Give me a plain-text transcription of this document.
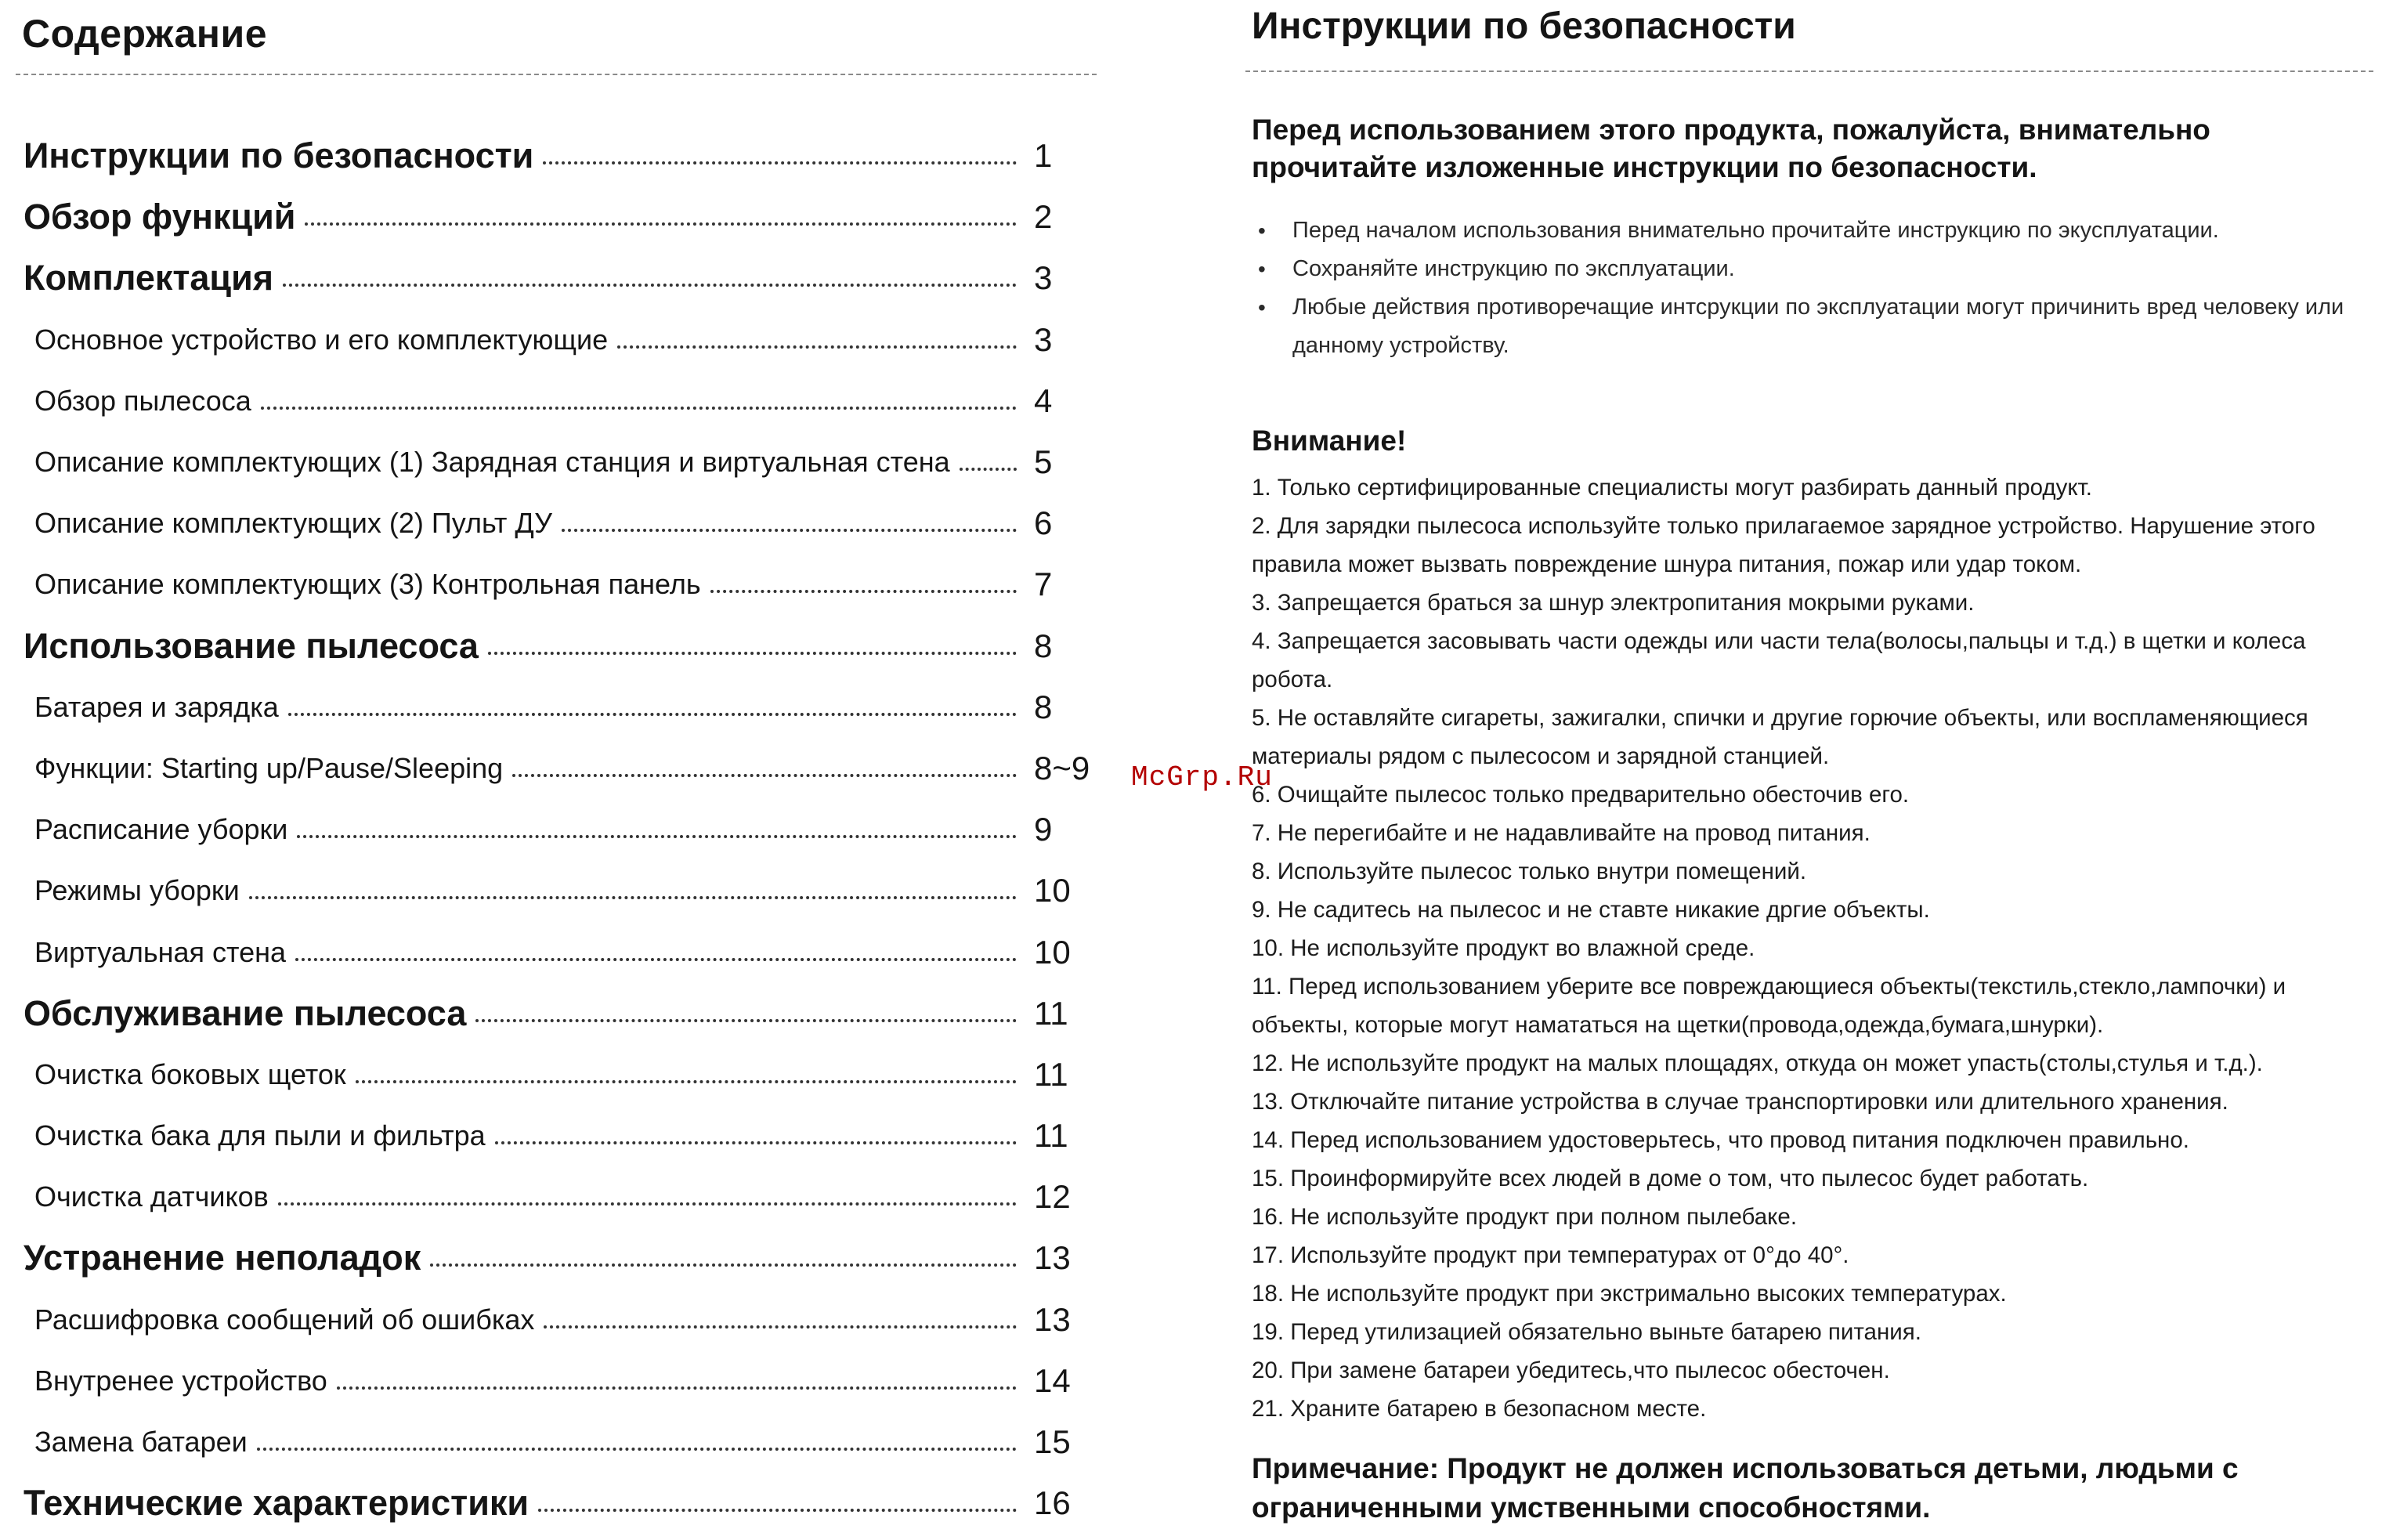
Содержание
Инструкции по безопасности	1
Обзор функций	2
Комплектация	3
Основное устройство и его комплектующие	3
Обзор пылесоса	4
Описание комплектующих (1) Зарядная станция и виртуальная стена	5
Описание комплектующих (2) Пульт ДУ	6
Описание комплектующих (3) Контрольная панель	7
Использование пылесоса	8
Батарея и зарядка	8
Функции: Starting up/Pause/Sleeping	8~9
Расписание уборки	9
Режимы уборки	10
Виртуальная стена	10
Обслуживание пылесоса	11
Очистка боковых щеток	11
Очистка бака для пыли и фильтра	11
Очистка датчиков	12
Устранение неполадок	13
Расшифровка сообщений об ошибках	13
Внутренее устройство	14
Замена батареи	15
Технические характеристики	16
Инструкции по безопасности
Перед использованием этого продукта, пожалуйста, внимательно прочитайте изложенные инструкции по безопасности.
• Перед началом использования внимательно прочитайте инструкцию по экусплуатации.
• Сохраняйте инструкцию по эксплуатации.
• Любые действия противоречащие интсрукции по эксплуатации могут причинить вред человеку или данному устройству.
Внимание!
1. Только сертифицированные специалисты могут разбирать данный продукт.
2. Для зарядки пылесоса используйте только прилагаемое зарядное устройство. Нарушение этого правила может вызвать повреждение шнура питания, пожар или удар током.
3. Запрещается браться за шнур электропитания мокрыми руками.
4. Запрещается засовывать части одежды или части тела(волосы,пальцы и т.д.) в щетки и колеса робота.
5. Не оставляйте сигареты, зажигалки, спички и другие горючие объекты, или воспламеняющиеся материалы рядом с пылесосом и зарядной станцией.
6. Очищайте пылесос только предварительно обесточив его.
7. Не перегибайте и не надавливайте на провод питания.
8. Используйте пылесос только внутри помещений.
9. Не садитесь на пылесос и не ставте никакие дргие объекты.
10. Не используйте продукт во влажной среде.
11. Перед использованием уберите все повреждающиеся объекты(текстиль,стекло,лампочки) и объекты, которые могут намататься на щетки(провода,одежда,бумага,шнурки).
12. Не используйте продукт на малых площадях, откуда он может упасть(столы,стулья и т.д.).
13. Отключайте питание устройства в случае транспортировки или длительного хранения.
14. Перед использованием удостоверьтесь, что провод питания подключен правильно.
15. Проинформируйте всех людей в доме о том, что пылесос будет работать.
16. Не используйте продукт при полном пылебаке.
17. Используйте продукт при температурах от 0°до 40°.
18. Не используйте продукт при экстримально высоких температурах.
19. Перед утилизацией обязательно выньте батарею питания.
20. При замене батареи убедитесь,что пылесос обесточен.
21. Храните батарею в безопасном месте.
Примечание: Продукт не должен использоваться детьми, людьми с ограниченными умственными способностями.
McGrp.Ru
